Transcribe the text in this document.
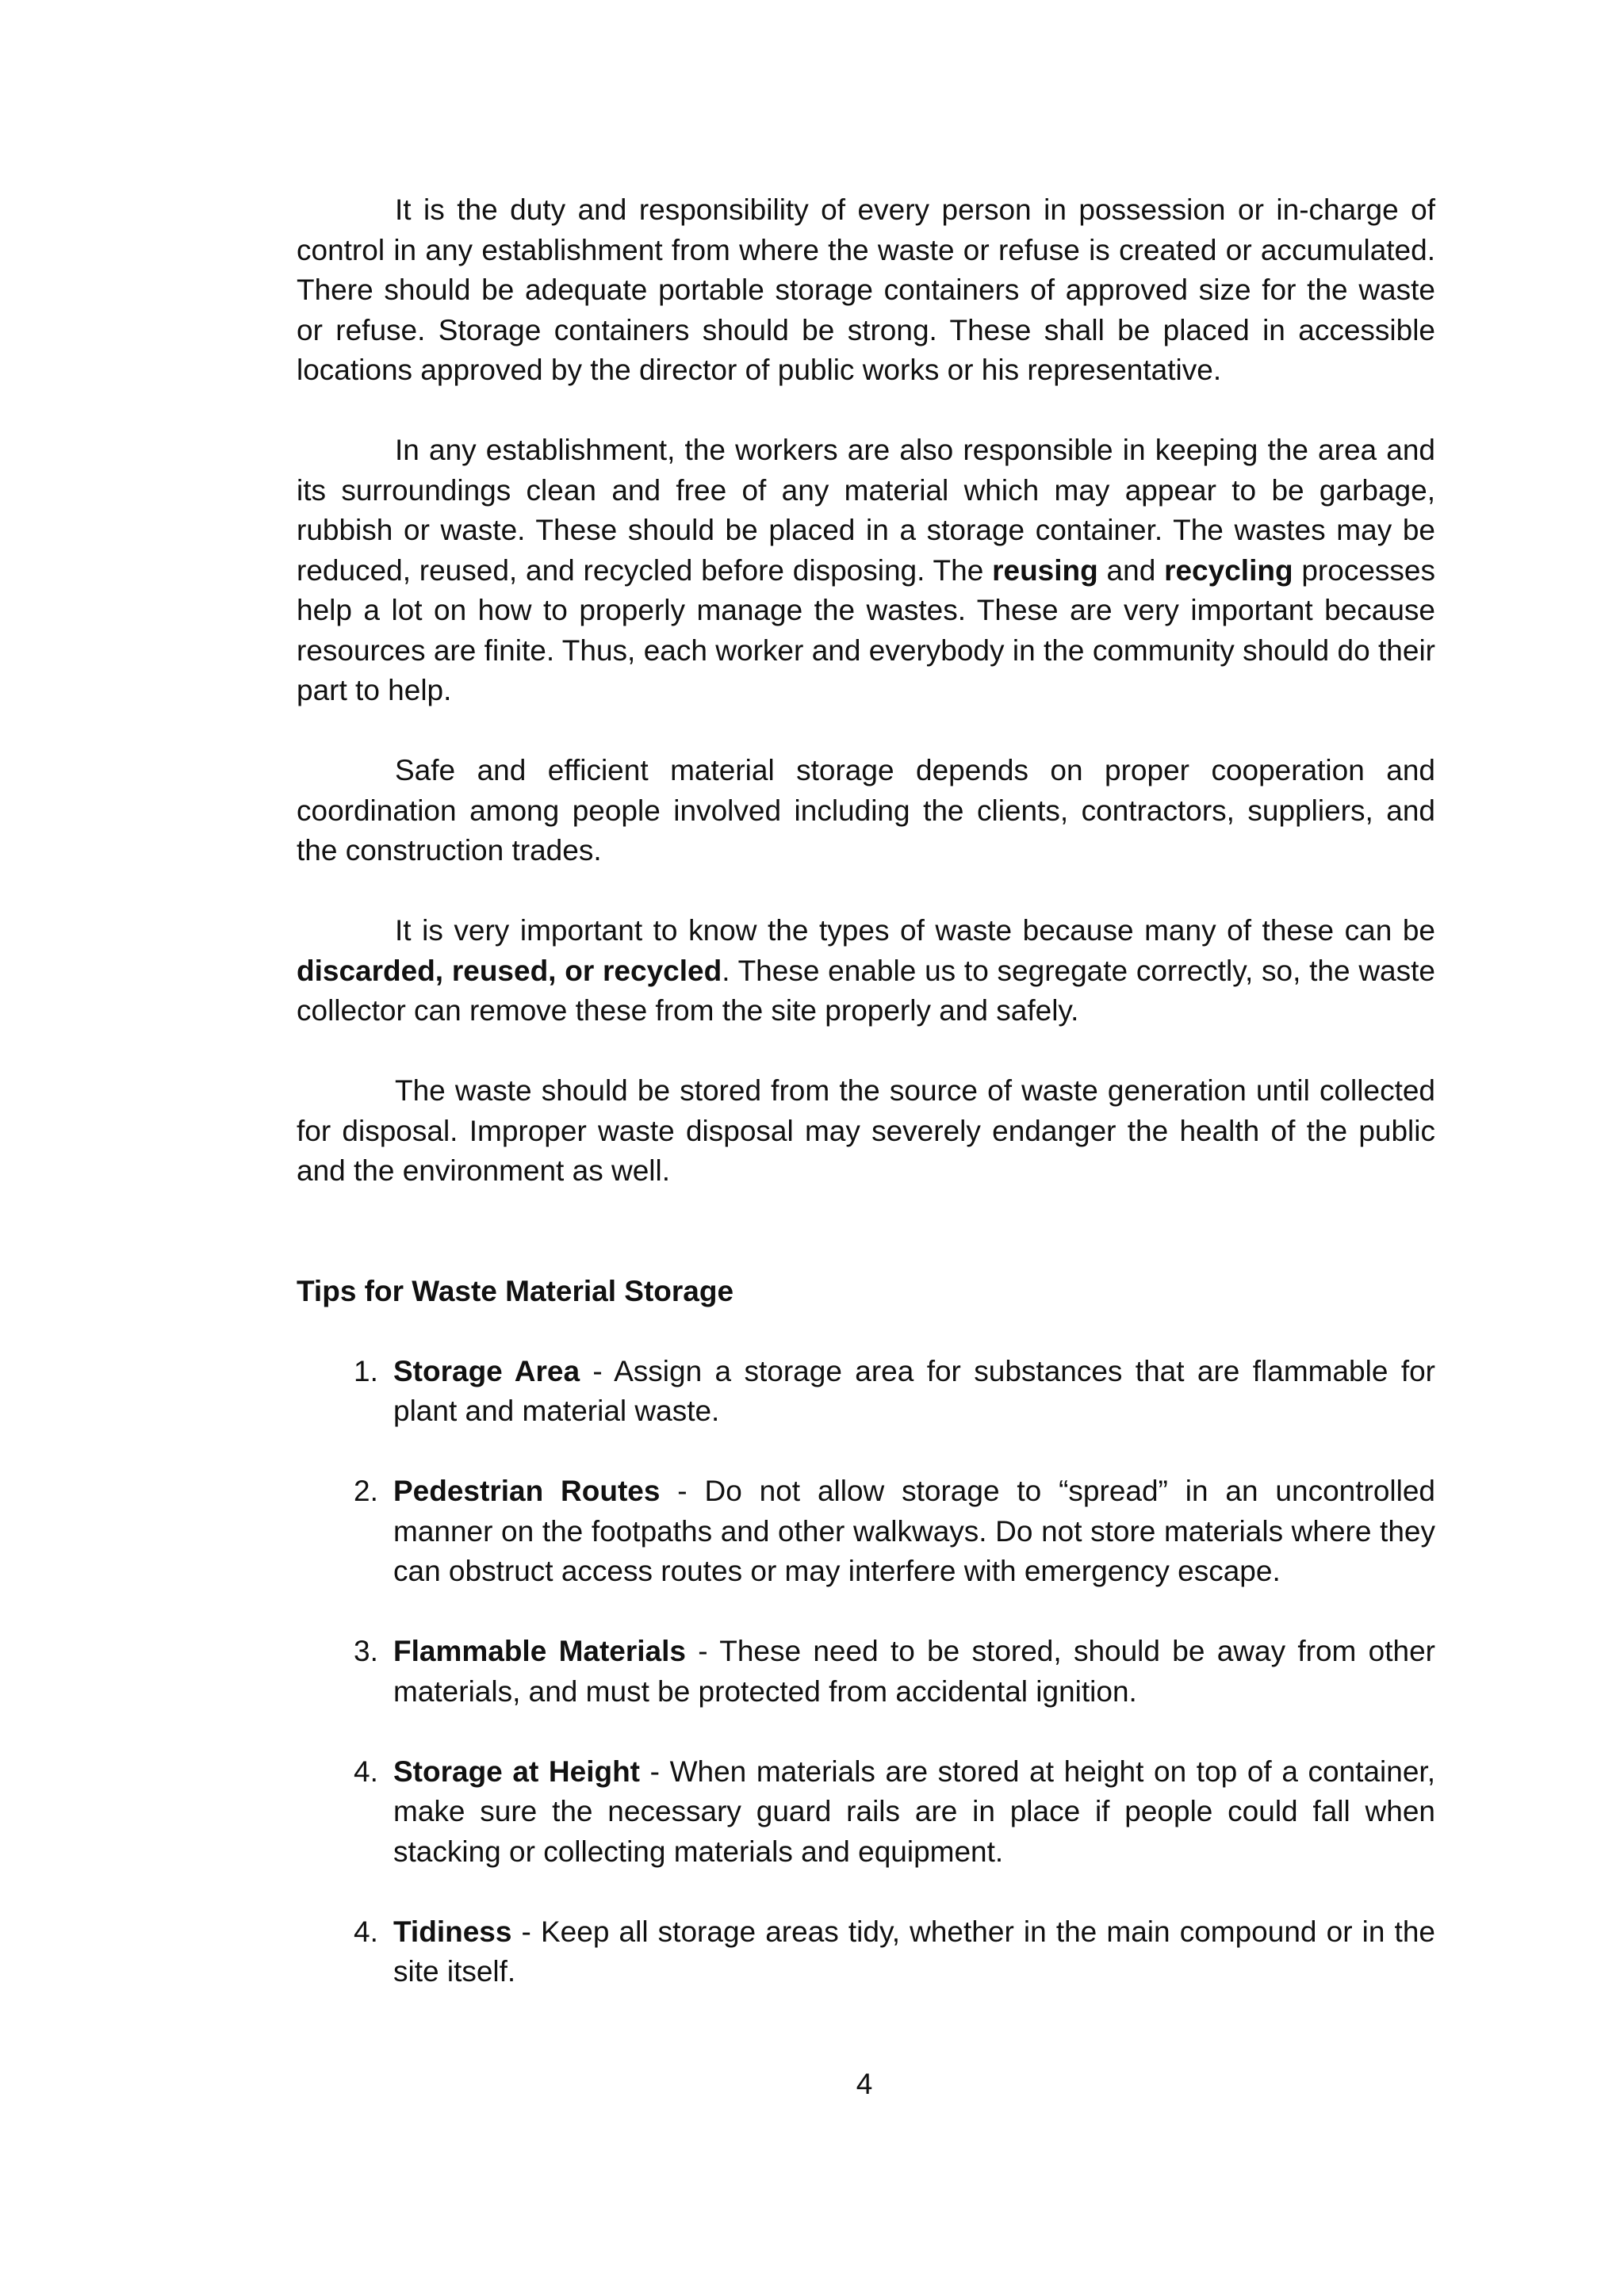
It is the duty and responsibility of every person in possession or in-charge of control in any establishment from where the waste or refuse is created or accumulated. There should be adequate portable storage containers of approved size for the waste or refuse. Storage containers should be strong. These shall be placed in accessible locations approved by the director of public works or his representative.

In any establishment, the workers are also responsible in keeping the area and its surroundings clean and free of any material which may appear to be garbage, rubbish or waste. These should be placed in a storage container. The wastes may be reduced, reused, and recycled before disposing. The reusing and recycling processes help a lot on how to properly manage the wastes. These are very important because resources are finite. Thus, each worker and everybody in the community should do their part to help.

Safe and efficient material storage depends on proper cooperation and coordination among people involved including the clients, contractors, suppliers, and the construction trades.

It is very important to know the types of waste because many of these can be discarded, reused, or recycled. These enable us to segregate correctly, so, the waste collector can remove these from the site properly and safely.

The waste should be stored from the source of waste generation until collected for disposal. Improper waste disposal may severely endanger the health of the public and the environment as well.

Tips for Waste Material Storage
1. Storage Area - Assign a storage area for substances that are flammable for plant and material waste.
2. Pedestrian Routes - Do not allow storage to “spread” in an uncontrolled manner on the footpaths and other walkways. Do not store materials where they can obstruct access routes or may interfere with emergency escape.
3. Flammable Materials - These need to be stored, should be away from other materials, and must be protected from accidental ignition.
4. Storage at Height - When materials are stored at height on top of a container, make sure the necessary guard rails are in place if people could fall when stacking or collecting materials and equipment.
4. Tidiness - Keep all storage areas tidy, whether in the main compound or in the site itself.
4
